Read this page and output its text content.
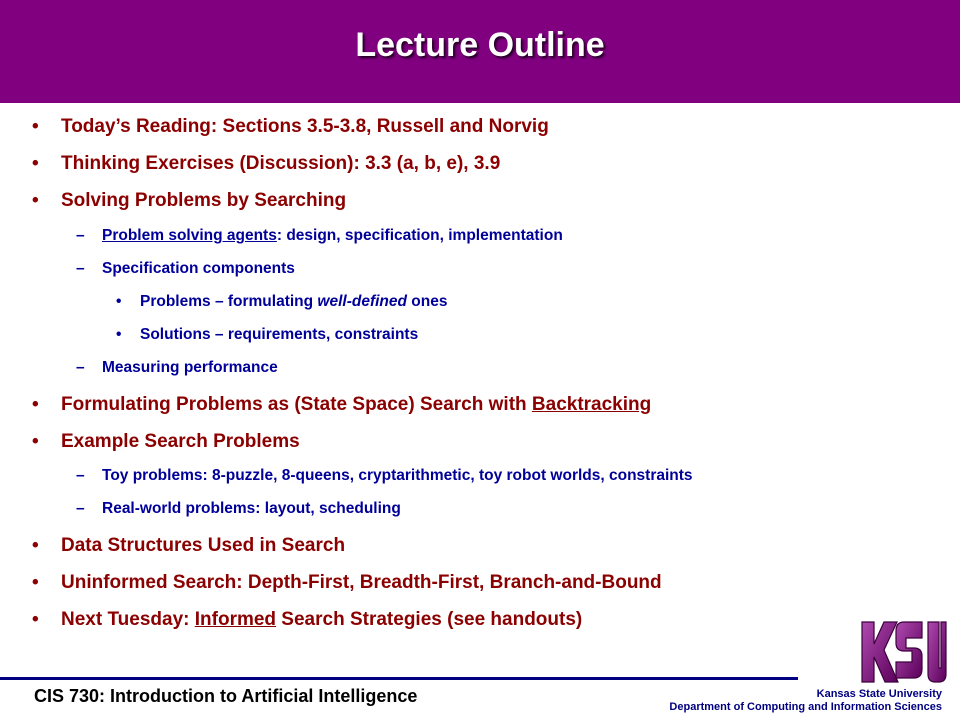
Lecture Outline
• Today’s Reading: Sections 3.5-3.8, Russell and Norvig
• Thinking Exercises (Discussion): 3.3 (a, b, e), 3.9
• Solving Problems by Searching
– Problem solving agents: design, specification, implementation
– Specification components
• Problems – formulating well-defined ones
• Solutions – requirements, constraints
– Measuring performance
• Formulating Problems as (State Space) Search with Backtracking
• Example Search Problems
– Toy problems: 8-puzzle, 8-queens, cryptarithmetic, toy robot worlds, constraints
– Real-world problems: layout, scheduling
• Data Structures Used in Search
• Uninformed Search: Depth-First, Breadth-First, Branch-and-Bound
• Next Tuesday: Informed Search Strategies (see handouts)
CIS 730: Introduction to Artificial Intelligence	Kansas State University
Department of Computing and Information Sciences
